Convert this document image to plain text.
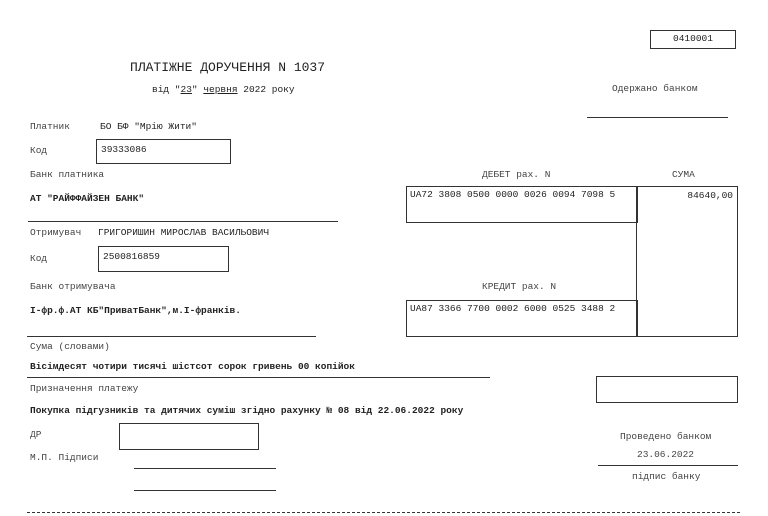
0410001
ПЛАТІЖНЕ ДОРУЧЕННЯ N 1037
від "23" червня 2022 року	Одержано банком
Платник	БО БФ "Мрію Жити"
Код	39333086
Банк платника
АТ "РАЙФФАЙЗЕН БАНК"
ДЕБЕТ рах. N	СУМА
UA72 3808 0500 0000 0026 0094 7098 5	84640,00
Отримувач ГРИГОРИШИН МИРОСЛАВ ВАСИЛЬОВИЧ
Код	2500816859
Банк отримувача
І-фр.ф.АТ КБ"ПриватБанк",м.І-франків.
КРЕДИТ рах. N
UA87 3366 7700 0002 6000 0525 3488 2
Сума (словами)
Вісімдесят чотири тисячі шістсот сорок гривень 00 копійок
Призначення платежу
Покупка підгузників та дитячих суміш згідно рахунку № 08 від 22.06.2022 року
ДР
М.П. Підписи
Проведено банком
23.06.2022
підпис банку
